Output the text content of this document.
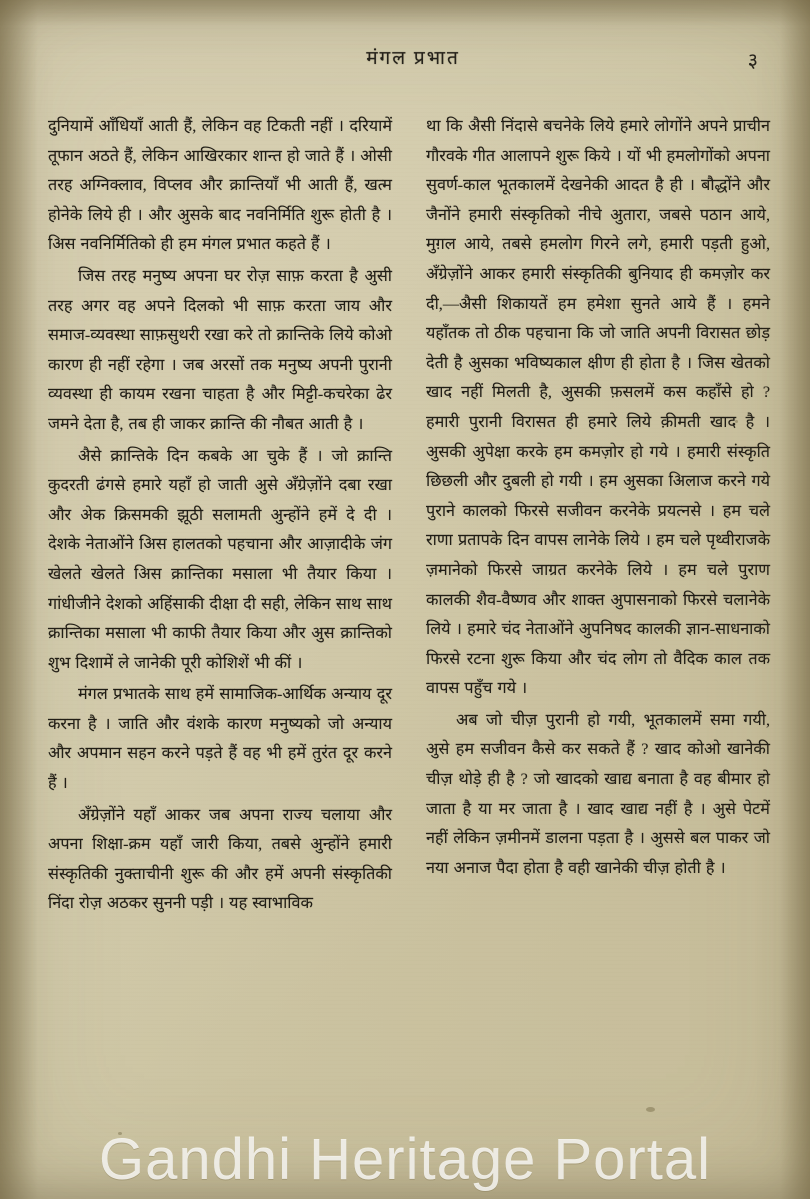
मंगल प्रभात	३

दुनियामें आँधियाँ आती हैं, लेकिन वह टिकती नहीं । दरियामें तूफान अठते हैं, लेकिन आखिरकार शान्त हो जाते हैं । ओसी तरह अग्निक्लाव, विप्लव और क्रान्तियाँ भी आती हैं, खत्म होनेके लिये ही । और अुसके बाद नवनिर्मिति शुरू होती है । अिस नवनिर्मितिको ही हम मंगल प्रभात कहते हैं ।

जिस तरह मनुष्य अपना घर रोज़ साफ़ करता है अुसी तरह अगर वह अपने दिलको भी साफ़ करता जाय और समाज-व्यवस्था साफ़सुथरी रखा करे तो क्रान्तिके लिये कोओ कारण ही नहीं रहेगा । जब अरसों तक मनुष्य अपनी पुरानी व्यवस्था ही कायम रखना चाहता है और मिट्टी-कचरेका ढेर जमने देता है, तब ही जाकर क्रान्ति की नौबत आती है ।

अैसे क्रान्तिके दिन कबके आ चुके हैं । जो क्रान्ति कुदरती ढंगसे हमारे यहाँ हो जाती अुसे अँग्रेज़ोंने दबा रखा और अेक क्रिसमकी झूठी सलामती अुन्होंने हमें दे दी । देशके नेताओंने अिस हालतको पहचाना और आज़ादीके जंग खेलते खेलते अिस क्रान्तिका मसाला भी तैयार किया । गांधीजीने देशको अहिंसाकी दीक्षा दी सही, लेकिन साथ साथ क्रान्तिका मसाला भी काफी तैयार किया और अुस क्रान्तिको शुभ दिशामें ले जानेकी पूरी कोशिशें भी कीं ।

मंगल प्रभातके साथ हमें सामाजिक-आर्थिक अन्याय दूर करना है । जाति और वंशके कारण मनुष्यको जो अन्याय और अपमान सहन करने पड़ते हैं वह भी हमें तुरंत दूर करने हैं ।

अँग्रेज़ोंने यहाँ आकर जब अपना राज्य चलाया और अपना शिक्षा-क्रम यहाँ जारी किया, तबसे अुन्होंने हमारी संस्कृतिकी नुक्ताचीनी शुरू की और हमें अपनी संस्कृतिकी निंदा रोज़ अठ‍कर सुननी पड़ी । यह स्वाभाविक

था कि अैसी निंदासे बचनेके लिये हमारे लोगोंने अपने प्राचीन गौरवके गीत आलापने शुरू किये । यों भी हमलोगोंको अपना सुवर्ण-काल भूतकालमें देखनेकी आदत है ही । बौद्धोंने और जैनोंने हमारी संस्कृतिको नीचे अुतारा, जबसे पठान आये, मुग़ल आये, तबसे हमलोग गिरने लगे, हमारी पड़ती हुओ, अँग्रेज़ोंने आकर हमारी संस्कृतिकी बुनियाद ही कमज़ोर कर दी,—अैसी शिकायतें हम हमेशा सुनते आये हैं । हमने यहाँतक तो ठीक पहचाना कि जो जाति अपनी विरासत छोड़ देती है अुसका भविष्यकाल क्षीण ही होता है । जिस खेतको खाद नहीं मिलती है, अुसकी फ़सलमें कस कहाँसे हो ? हमारी पुरानी विरासत ही हमारे लिये क़ीमती खाद है । अुसकी अुपेक्षा करके हम कमज़ोर हो गये । हमारी संस्कृति छिछली और दुबली हो गयी । हम अुसका अिलाज करने गये पुराने कालको फिरसे सजीवन करनेके प्रयत्नसे । हम चले राणा प्रतापके दिन वापस लानेके लिये । हम चले पृथ्वीराजके ज़मानेको फिरसे जाग्रत करनेके लिये । हम चले पुराण कालकी शैव-वैष्णव और शाक्त अुपासनाको फिरसे चलानेके लिये । हमारे चंद नेताओंने अुपनिषद कालकी ज्ञान-साधनाको फिरसे रटना शुरू किया और चंद लोग तो वैदिक काल तक वापस पहुँच गये ।

अब जो चीज़ पुरानी हो गयी, भूतकालमें समा गयी, अुसे हम सजीवन कैसे कर सकते हैं ? खाद कोओ खानेकी चीज़ थोड़े ही है ? जो खादको खाद्य बनाता है वह बीमार हो जाता है या मर जाता है । खाद खाद्य नहीं है । अुसे पेटमें नहीं लेकिन ज़मीनमें डालना पड़ता है । अुससे बल पाकर जो नया अनाज पैदा होता है वही खानेकी चीज़ होती है ।

Gandhi Heritage Portal
